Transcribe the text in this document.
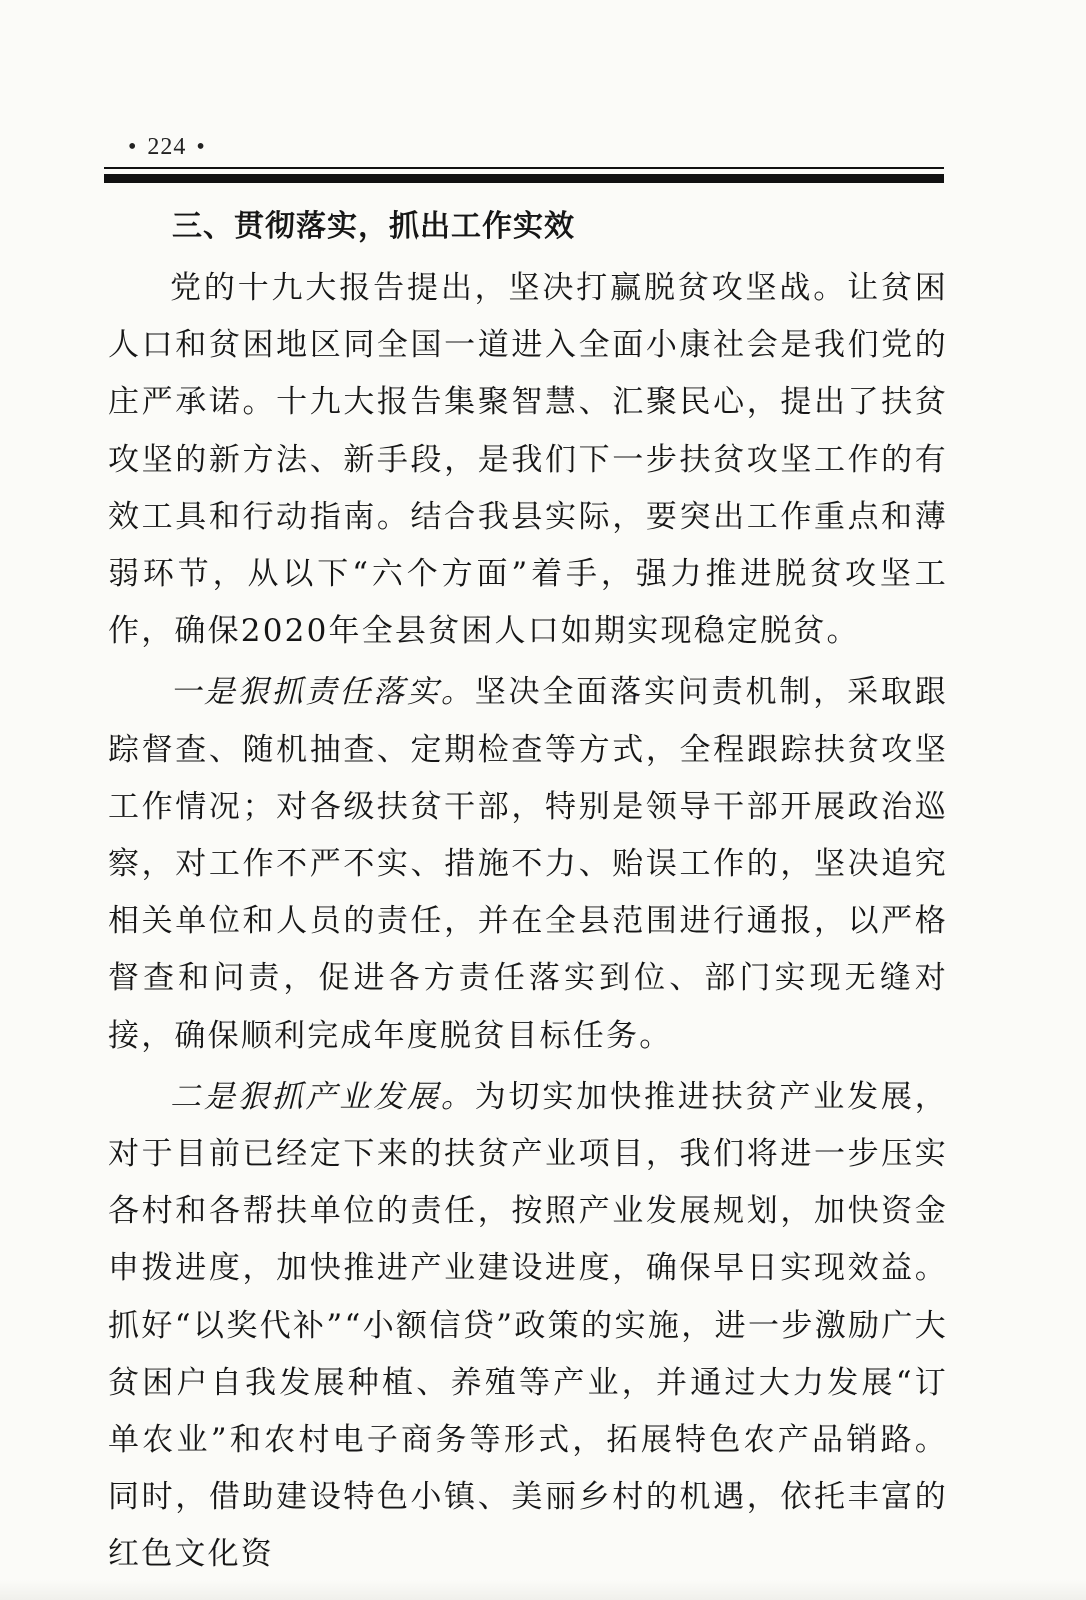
• 224 •
三、贯彻落实，抓出工作实效

党的十九大报告提出，坚决打赢脱贫攻坚战。让贫困人口和贫困地区同全国一道进入全面小康社会是我们党的庄严承诺。十九大报告集聚智慧、汇聚民心，提出了扶贫攻坚的新方法、新手段，是我们下一步扶贫攻坚工作的有效工具和行动指南。结合我县实际，要突出工作重点和薄弱环节，从以下“六个方面”着手，强力推进脱贫攻坚工作，确保2020年全县贫困人口如期实现稳定脱贫。

一是狠抓责任落实。坚决全面落实问责机制，采取跟踪督查、随机抽查、定期检查等方式，全程跟踪扶贫攻坚工作情况；对各级扶贫干部，特别是领导干部开展政治巡察，对工作不严不实、措施不力、贻误工作的，坚决追究相关单位和人员的责任，并在全县范围进行通报，以严格督查和问责，促进各方责任落实到位、部门实现无缝对接，确保顺利完成年度脱贫目标任务。

二是狠抓产业发展。为切实加快推进扶贫产业发展，对于目前已经定下来的扶贫产业项目，我们将进一步压实各村和各帮扶单位的责任，按照产业发展规划，加快资金申拨进度，加快推进产业建设进度，确保早日实现效益。抓好“以奖代补”“小额信贷”政策的实施，进一步激励广大贫困户自我发展种植、养殖等产业，并通过大力发展“订单农业”和农村电子商务等形式，拓展特色农产品销路。同时，借助建设特色小镇、美丽乡村的机遇，依托丰富的红色文化资
